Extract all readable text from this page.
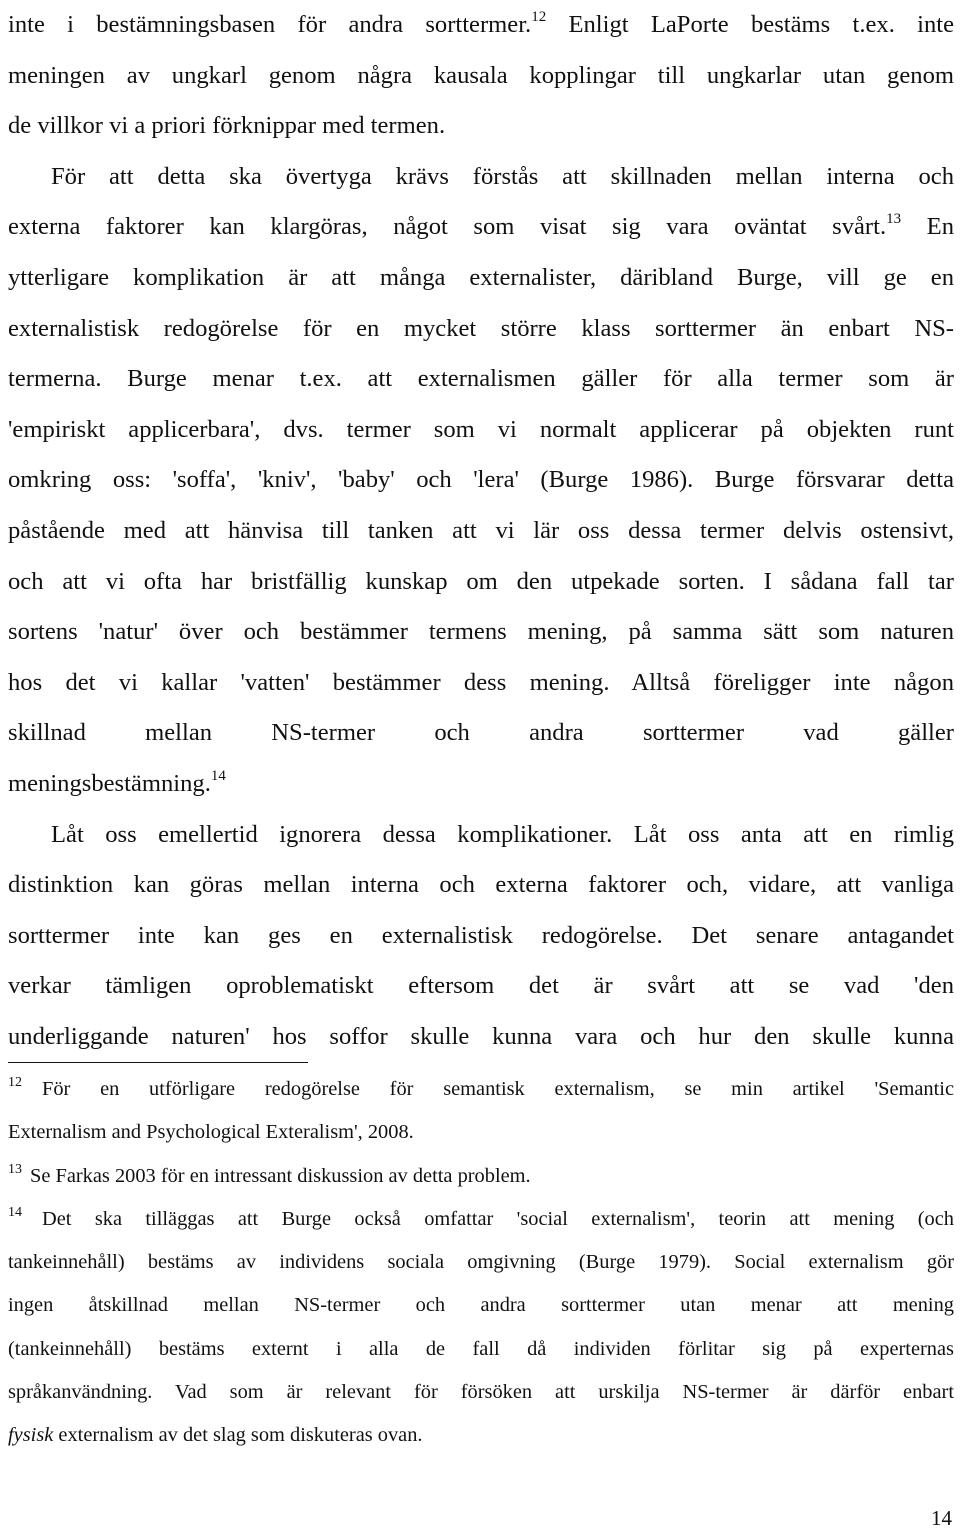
inte i bestämningsbasen för andra sorttermer.$^{12}$ Enligt LaPorte bestäms t.ex. inte
meningen av ungkarl genom några kausala kopplingar till ungkarlar utan genom
de villkor vi a priori förknippar med termen.
För att detta ska övertyga krävs förstås att skillnaden mellan interna och
externa faktorer kan klargöras, något som visat sig vara oväntat svårt.$^{13}$ En
ytterligare komplikation är att många externalister, däribland Burge, vill ge en
externalistisk redogörelse för en mycket större klass sorttermer än enbart NS-
termerna. Burge menar t.ex. att externalismen gäller för alla termer som är
'empiriskt applicerbara', dvs. termer som vi normalt applicerar på objekten runt
omkring oss: 'soffa', 'kniv', 'baby' och 'lera' (Burge 1986). Burge försvarar detta
påstående med att hänvisa till tanken att vi lär oss dessa termer delvis ostensivt,
och att vi ofta har bristfällig kunskap om den utpekade sorten. I sådana fall tar
sortens 'natur' över och bestämmer termens mening, på samma sätt som naturen
hos det vi kallar 'vatten' bestämmer dess mening. Alltså föreligger inte någon
skillnad mellan NS-termer och andra sorttermer vad gäller
meningsbestämning.$^{14}$
Låt oss emellertid ignorera dessa komplikationer. Låt oss anta att en rimlig
distinktion kan göras mellan interna och externa faktorer och, vidare, att vanliga
sorttermer inte kan ges en externalistisk redogörelse. Det senare antagandet
verkar tämligen oproblematiskt eftersom det är svårt att se vad 'den
underliggande naturen' hos soffor skulle kunna vara och hur den skulle kunna
$^{12}$ För en utförligare redogörelse för semantisk externalism, se min artikel 'Semantic
Externalism and Psychological Exteralism', 2008.
$^{13}$ Se Farkas 2003 för en intressant diskussion av detta problem.
$^{14}$ Det ska tilläggas att Burge också omfattar 'social externalism', teorin att mening (och
tankeinnehåll) bestäms av individens sociala omgivning (Burge 1979). Social externalism gör
ingen åtskillnad mellan NS-termer och andra sorttermer utan menar att mening
(tankeinnehåll) bestäms externt i alla de fall då individen förlitar sig på experternas
språkanvändning. Vad som är relevant för försöken att urskilja NS-termer är därför enbart
fysisk externalism av det slag som diskuteras ovan.
14
